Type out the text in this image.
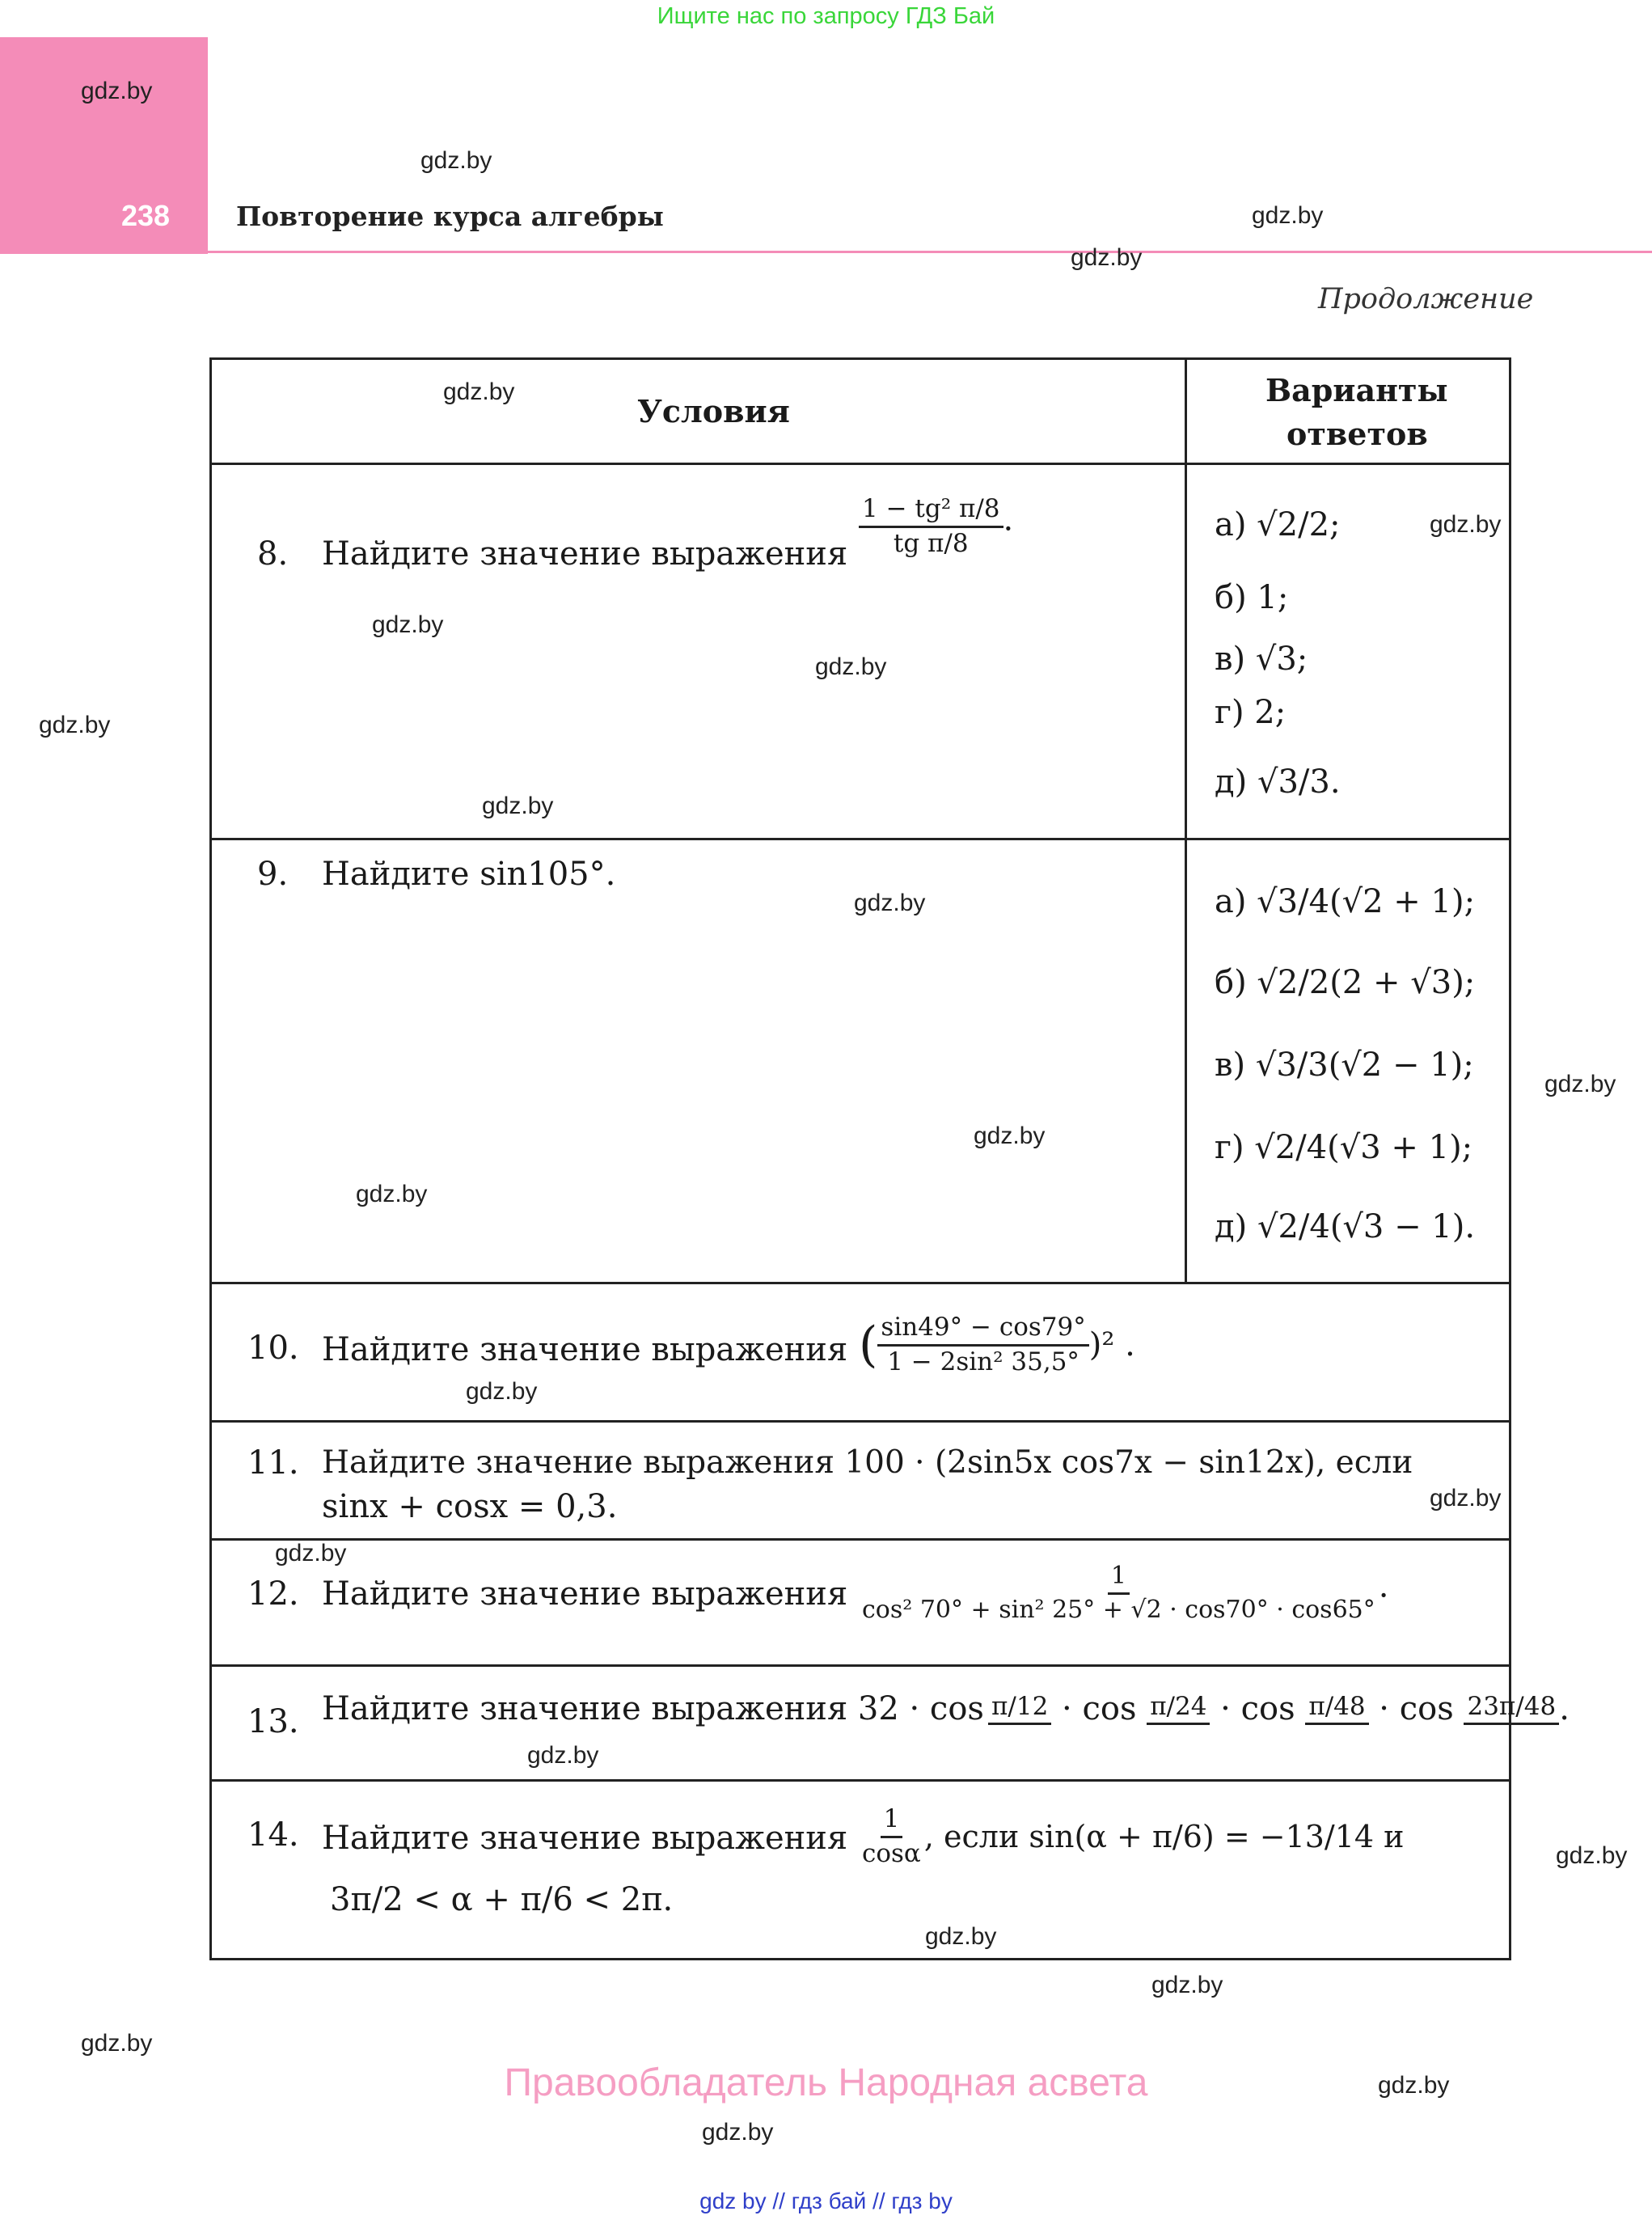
Ищите нас по запросу ГДЗ Бай
238 Повторение курса алгебры
Продолжение
Условия
Варианты
ответов
8. Найдите значение выражения $\frac{\text{1 − tg² π/8}}{\text{tg π/8}}$ .	а) √2/2;
б) 1;
в) √3;
г) 2;
д) √3/3.
9. Найдите sin105°.
а) √3/4(√2 + 1);
б) √2/2(2 + √3);
в) √3/3(√2 − 1);
г) √2/4(√3 + 1);
д) √2/4(√3 − 1).
10. Найдите значение выражения ( $\frac{\sin 49^\circ - \cos 79^\circ}{\text{1 − 2sin² 35,5°}} )^2$ .
11. Найдите значение выражения 100 · (2sin5x cos7x − sin12x), если
sinx + cosx = 0,3.
12. Найдите значение выражения $\frac{1}{\text{cos² 70° + sin² 25° + √2 · cos70° · cos65°}}$ .
13. Найдите значение выражения 32 · cos π/12 · cos π/24 · cos π/48 · cos 23π/48 .
14. Найдите значение выражения $\frac{1}{\cos\alpha}$ , если sin(α + π/6) = −13/14 и
3π/2 < α + π/6 < 2π.
gdz.by
gdz.by
gdz.by
gdz.by
gdz.by
gdz.by
gdz.by
gdz.by
gdz.by
gdz.by
gdz.by
gdz.by
gdz.by
gdz.by
gdz.by
gdz.by
gdz.by
gdz.by
gdz.by
gdz.by
gdz.by
gdz.by
gdz.by
gdz.by
Правообладатель Народная асвета
gdz by // гдз бай // гдз by
